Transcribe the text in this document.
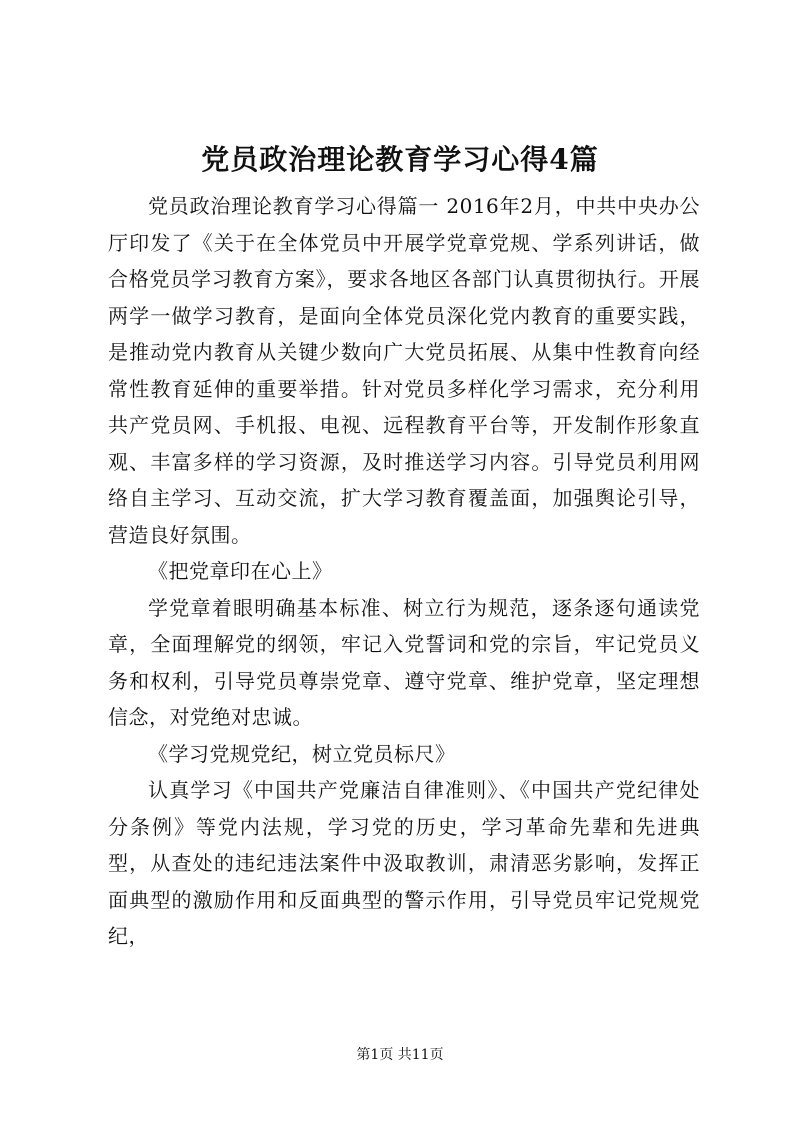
党员政治理论教育学习心得4篇

党员政治理论教育学习心得篇一 2016年2月，中共中央办公厅印发了《关于在全体党员中开展学党章党规、学系列讲话，做合格党员学习教育方案》，要求各地区各部门认真贯彻执行。开展两学一做学习教育，是面向全体党员深化党内教育的重要实践，是推动党内教育从关键少数向广大党员拓展、从集中性教育向经常性教育延伸的重要举措。针对党员多样化学习需求，充分利用共产党员网、手机报、电视、远程教育平台等，开发制作形象直观、丰富多样的学习资源，及时推送学习内容。引导党员利用网络自主学习、互动交流，扩大学习教育覆盖面，加强舆论引导，营造良好氛围。

《把党章印在心上》

学党章着眼明确基本标准、树立行为规范，逐条逐句通读党章，全面理解党的纲领，牢记入党誓词和党的宗旨，牢记党员义务和权利，引导党员尊崇党章、遵守党章、维护党章，坚定理想信念，对党绝对忠诚。

《学习党规党纪，树立党员标尺》

认真学习《中国共产党廉洁自律准则》、《中国共产党纪律处分条例》等党内法规，学习党的历史，学习革命先辈和先进典型，从查处的违纪违法案件中汲取教训，肃清恶劣影响，发挥正面典型的激励作用和反面典型的警示作用，引导党员牢记党规党纪，

第1页 共11页
